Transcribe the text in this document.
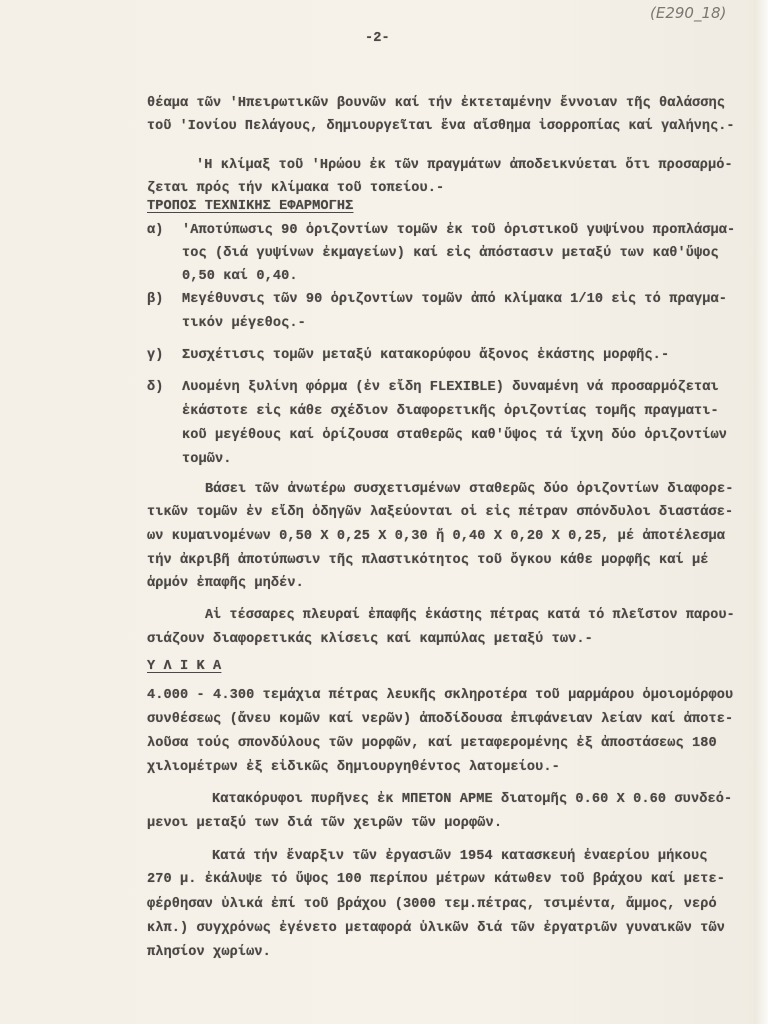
(E290_18)
-2-
θέαμα τῶν 'Ηπειρωτικῶν βουνῶν καί τήν ἐκτεταμένην ἔννοιαν τῆς θαλάσσης
τοῦ 'Ιονίου Πελάγους, δημιουργεῖται ἕνα αἴσθημα ἰσορροπίας καί γαλήνης.-
'Η κλίμαξ τοῦ 'Ηρώου ἐκ τῶν πραγμάτων ἀποδεικνύεται ὅτι προσαρμό-
ζεται πρός τήν κλίμακα τοῦ τοπείου.-
ΤΡΟΠΟΣ ΤΕΧΝΙΚΗΣ ΕΦΑΡΜΟΓΗΣ
α) 'Αποτύπωσις 90 ὁριζοντίων τομῶν ἐκ τοῦ ὁριστικοῦ γυψίνου προπλάσμα-
τος (διά γυψίνων ἐκμαγείων) καί εἰς ἀπόστασιν μεταξύ των καθ'ὕψος
0,50 καί 0,40.
β) Μεγέθυνσις τῶν 90 ὁριζοντίων τομῶν ἀπό κλίμακα 1/10 εἰς τό πραγμα-
τικόν μέγεθος.-
γ) Συσχέτισις τομῶν μεταξύ κατακορύφου ἄξονος ἑκάστης μορφῆς.-
δ) Λυομένη ξυλίνη φόρμα (ἐν εἴδη FLEXIBLE) δυναμένη νά προσαρμόζεται
ἑκάστοτε εἰς κάθε σχέδιον διαφορετικῆς ὁριζοντίας τομῆς πραγματι-
κοῦ μεγέθους καί ὁρίζουσα σταθερῶς καθ'ὕψος τά ἴχνη δύο ὁριζοντίων
τομῶν.
Βάσει τῶν ἀνωτέρω συσχετισμένων σταθερῶς δύο ὁριζοντίων διαφορε-
τικῶν τομῶν ἐν εἴδη ὁδηγῶν λαξεύονται οἱ εἰς πέτραν σπόνδυλοι διαστάσε-
ων κυμαινομένων 0,50 X 0,25 X 0,30 ἤ 0,40 X 0,20 X 0,25, μέ ἀποτέλεσμα
τήν ἀκριβῆ ἀποτύπωσιν τῆς πλαστικότητος τοῦ ὄγκου κάθε μορφῆς καί μέ
ἁρμόν ἐπαφῆς μηδέν.
Αἱ τέσσαρες πλευραί ἐπαφῆς ἑκάστης πέτρας κατά τό πλεῖστον παρου-
σιάζουν διαφορετικάς κλίσεις καί καμπύλας μεταξύ των.-
Υ Λ Ι Κ Α
4.000 - 4.300 τεμάχια πέτρας λευκῆς σκληροτέρα τοῦ μαρμάρου ὁμοιομόρφου
συνθέσεως (ἄνευ κομῶν καί νερῶν) ἀποδίδουσα ἐπιφάνειαν λείαν καί ἀποτε-
λοῦσα τούς σπονδύλους τῶν μορφῶν, καί μεταφερομένης ἐξ ἀποστάσεως 180
χιλιομέτρων ἐξ εἰδικῶς δημιουργηθέντος λατομείου.-
Κατακόρυφοι πυρῆνες ἐκ ΜΠΕΤΟΝ ΑΡΜΕ διατομῆς 0.60 X 0.60 συνδεό-
μενοι μεταξύ των διά τῶν χειρῶν τῶν μορφῶν.
Κατά τήν ἔναρξιν τῶν ἐργασιῶν 1954 κατασκευή ἐναερίου μήκους
270 μ. ἐκάλυψε τό ὕψος 100 περίπου μέτρων κάτωθεν τοῦ βράχου καί μετε-
φέρθησαν ὑλικά ἐπί τοῦ βράχου (3000 τεμ.πέτρας, τσιμέντα, ἄμμος, νερό
κλπ.) συγχρόνως ἐγένετο μεταφορά ὑλικῶν διά τῶν ἐργατριῶν γυναικῶν τῶν
πλησίον χωρίων.
